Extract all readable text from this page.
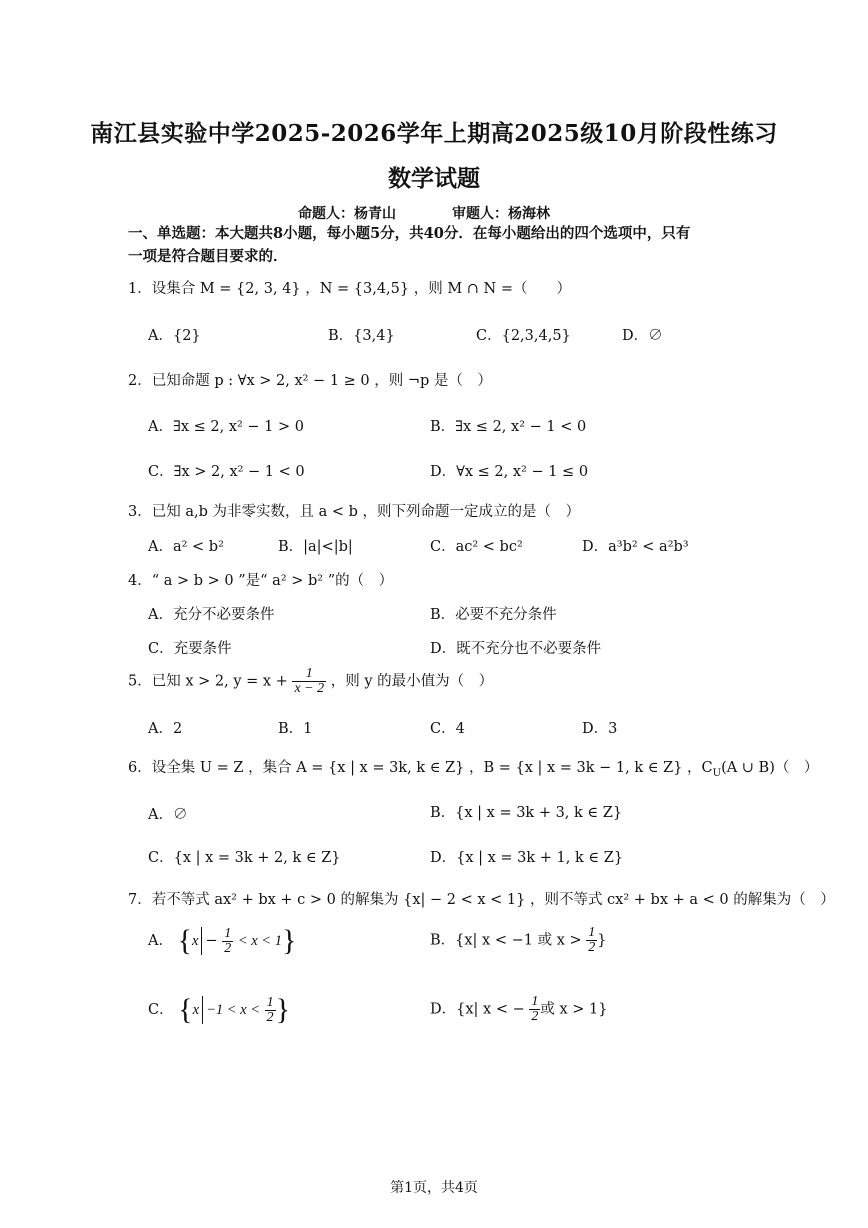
南江县实验中学2025-2026学年上期高2025级10月阶段性练习
数学试题
命题人：杨青山	审题人：杨海林
一、单选题：本大题共8小题，每小题5分，共40分．在每小题给出的四个选项中，只有
一项是符合题目要求的．
1．设集合 M = {2, 3, 4} ，N = {3,4,5} ，则 M ∩ N =（　　）
A．{2}	B．{3,4}	C．{2,3,4,5}	D．∅
2．已知命题 p : ∀x > 2, x² − 1 ≥ 0 ，则 ¬p 是（　）
A．∃x ≤ 2, x² − 1 > 0	B．∃x ≤ 2, x² − 1 < 0
C．∃x > 2, x² − 1 < 0	D．∀x ≤ 2, x² − 1 ≤ 0
3．已知 a,b 为非零实数，且 a < b ，则下列命题一定成立的是（　）
A．a² < b²	B．|a|<|b|	C．ac² < bc²	D．a³b² < a²b³
4．“ a > b > 0 ”是“ a² > b² ”的（　）
A．充分不必要条件	B．必要不充分条件
C．充要条件	D．既不充分也不必要条件
5．已知 x > 2, $y = x + \frac{1}{x - 2}$ ，则 y 的最小值为（　）
A．2	B．1	C．4	D．3
6．设全集 U = Z ，集合 A = {x | x = 3k, k ∈ Z} ，B = {x | x = 3k − 1, k ∈ Z} ，$C_U(A$ ∪ B)（　）
A．∅	B．{x | x = 3k + 3, k ∈ Z}
C．{x | x = 3k + 2, k ∈ Z}	D．{x | x = 3k + 1, k ∈ Z}
7．若不等式 ax² + bx + c > 0 的解集为 {x| − 2 < x < 1} ，则不等式 cx² + bx + a < 0 的解集为（　）
A． $\{x - \frac{1}{2} < x < 1\}$	B．{x| x < −1 或 $x > \frac{1}{2}$ }
C． {$x -1 < x < \frac{1}{2}$ }	D．{x| x < − $\frac{1}{2}$ 或 x > 1}
第1页，共4页
